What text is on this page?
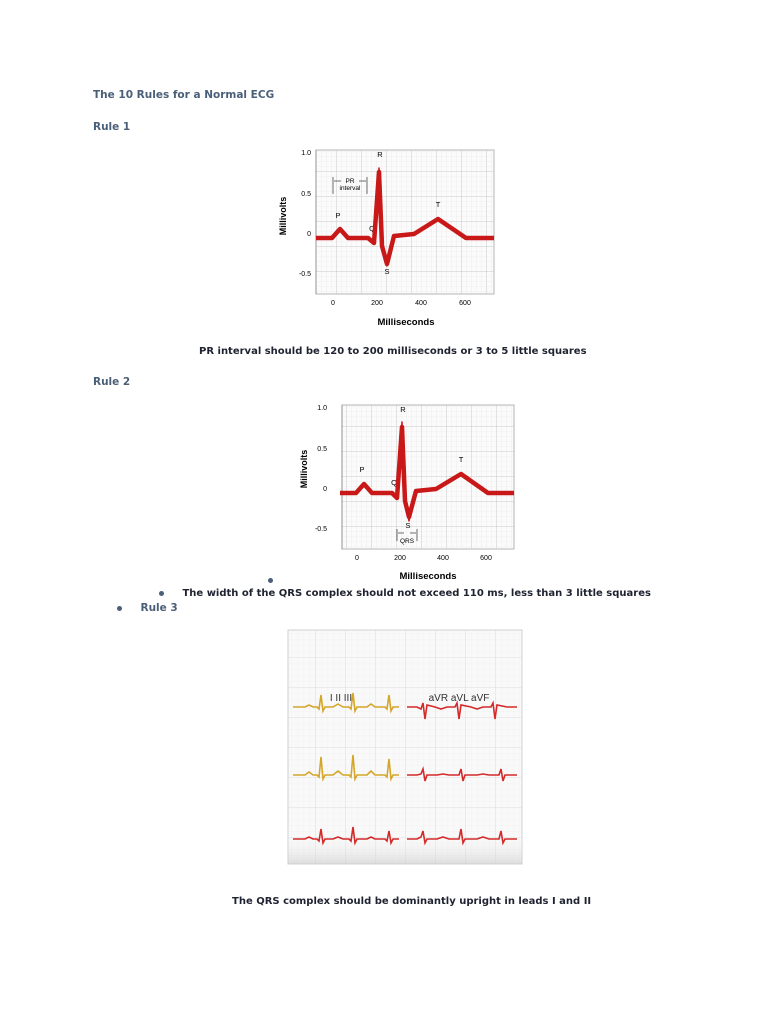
The 10 Rules for a Normal ECG
Rule 1
1.0
0.5
0
-0.5
0	200	400	600
Milliseconds
Millivolts
PR
interval
P
Q
R
S
T
PR interval should be 120 to 200 milliseconds or 3 to 5 little squares
Rule 2
1.0
0.5
0
-0.5
0	200	400	600
Millivolts
Milliseconds
QRS
P
Q
R
S
T
The width of the QRS complex should not exceed 110 ms, less than 3 little squares
Rule 3
I II III	aVR aVL aVF
The QRS complex should be dominantly upright in leads I and II
